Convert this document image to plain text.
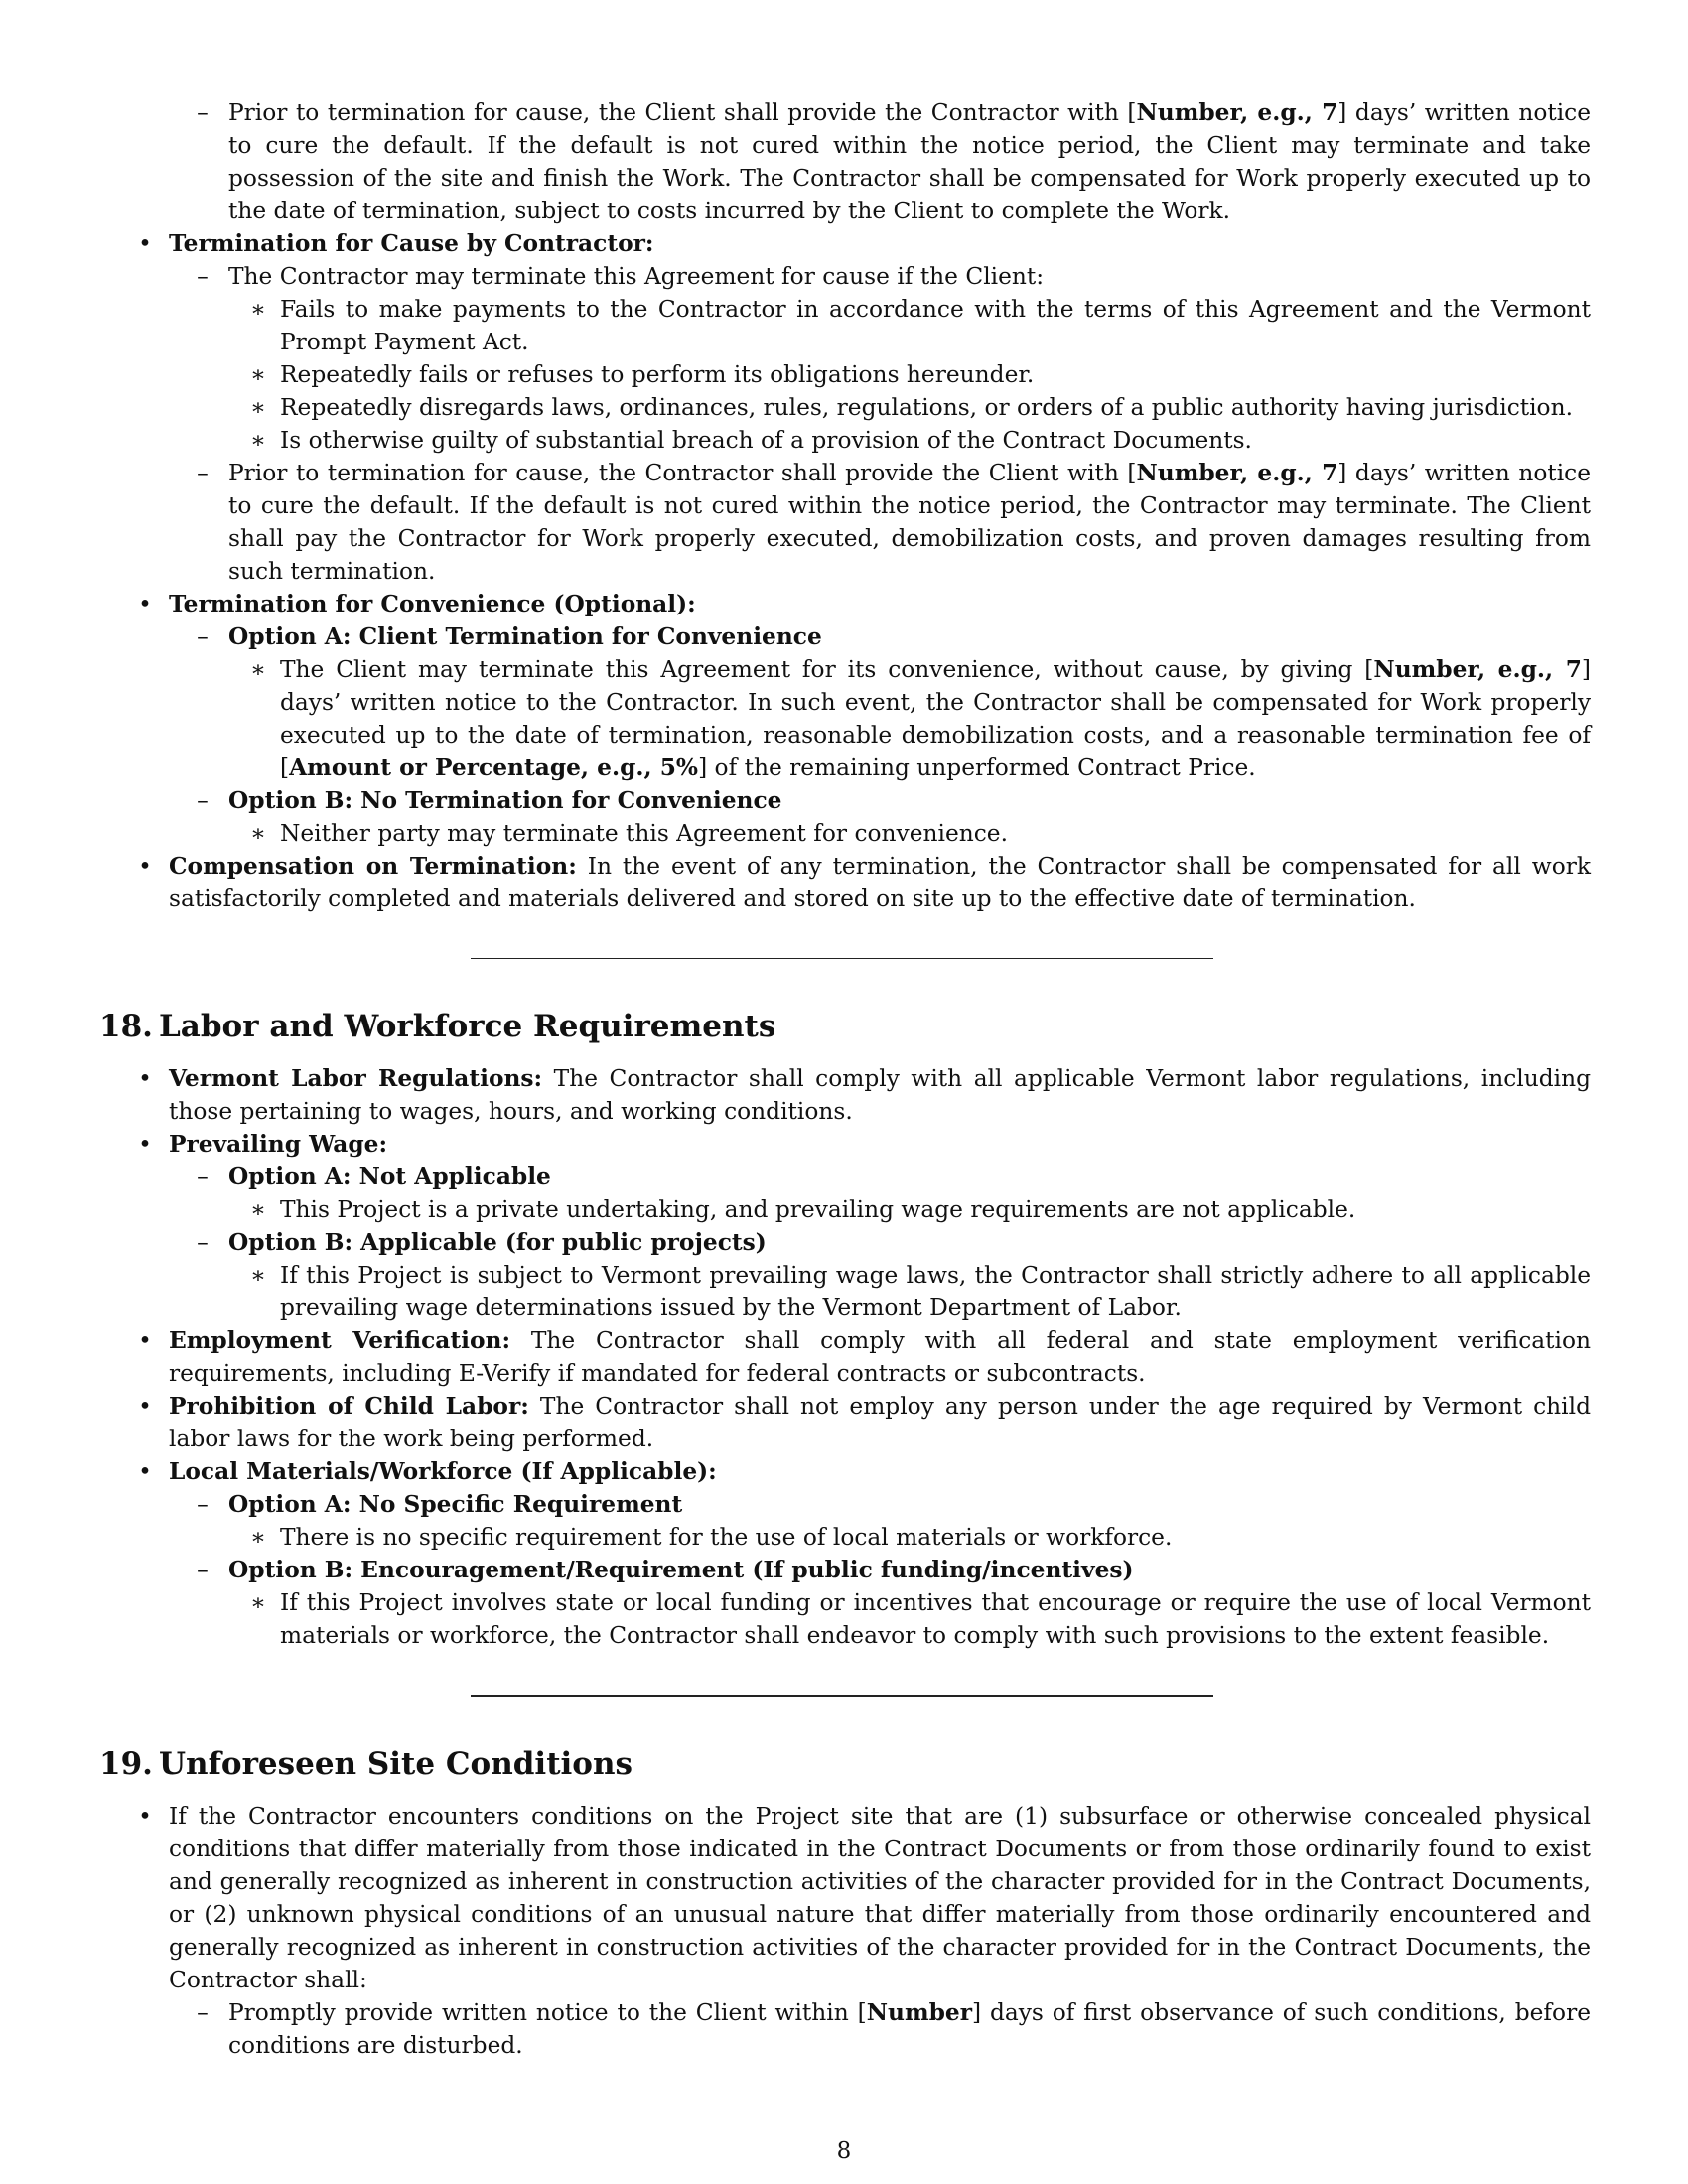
– Prior to termination for cause, the Client shall provide the Contractor with [Number, e.g., 7] days’ written notice to cure the default. If the default is not cured within the notice period, the Client may terminate and take possession of the site and finish the Work. The Contractor shall be compensated for Work properly executed up to the date of termination, subject to costs incurred by the Client to complete the Work.

• Termination for Cause by Contractor:

– The Contractor may terminate this Agreement for cause if the Client:

∗ Fails to make payments to the Contractor in accordance with the terms of this Agreement and the Vermont Prompt Payment Act.

∗ Repeatedly fails or refuses to perform its obligations hereunder.

∗ Repeatedly disregards laws, ordinances, rules, regulations, or orders of a public authority having jurisdiction.

∗ Is otherwise guilty of substantial breach of a provision of the Contract Documents.

– Prior to termination for cause, the Contractor shall provide the Client with [Number, e.g., 7] days’ written notice to cure the default. If the default is not cured within the notice period, the Contractor may terminate. The Client shall pay the Contractor for Work properly executed, demobilization costs, and proven damages resulting from such termination.

• Termination for Convenience (Optional):

– Option A: Client Termination for Convenience

∗ The Client may terminate this Agreement for its convenience, without cause, by giving [Number, e.g., 7] days’ written notice to the Contractor. In such event, the Contractor shall be compensated for Work properly executed up to the date of termination, reasonable demobilization costs, and a reasonable termination fee of [Amount or Percentage, e.g., 5%] of the remaining unperformed Contract Price.

– Option B: No Termination for Convenience

∗ Neither party may terminate this Agreement for convenience.

• Compensation on Termination: In the event of any termination, the Contractor shall be compensated for all work satisfactorily completed and materials delivered and stored on site up to the effective date of termination.

18. Labor and Workforce Requirements

• Vermont Labor Regulations: The Contractor shall comply with all applicable Vermont labor regulations, including those pertaining to wages, hours, and working conditions.

• Prevailing Wage:

– Option A: Not Applicable

∗ This Project is a private undertaking, and prevailing wage requirements are not applicable.

– Option B: Applicable (for public projects)

∗ If this Project is subject to Vermont prevailing wage laws, the Contractor shall strictly adhere to all applicable prevailing wage determinations issued by the Vermont Department of Labor.

• Employment Verification: The Contractor shall comply with all federal and state employment verification requirements, including E-Verify if mandated for federal contracts or subcontracts.

• Prohibition of Child Labor: The Contractor shall not employ any person under the age required by Vermont child labor laws for the work being performed.

• Local Materials/Workforce (If Applicable):

– Option A: No Specific Requirement

∗ There is no specific requirement for the use of local materials or workforce.

– Option B: Encouragement/Requirement (If public funding/incentives)

∗ If this Project involves state or local funding or incentives that encourage or require the use of local Vermont materials or workforce, the Contractor shall endeavor to comply with such provisions to the extent feasible.

19. Unforeseen Site Conditions

• If the Contractor encounters conditions on the Project site that are (1) subsurface or otherwise concealed physical conditions that differ materially from those indicated in the Contract Documents or from those ordinarily found to exist and generally recognized as inherent in construction activities of the character provided for in the Contract Documents, or (2) unknown physical conditions of an unusual nature that differ materially from those ordinarily encountered and generally recognized as inherent in construction activities of the character provided for in the Contract Documents, the Contractor shall:

– Promptly provide written notice to the Client within [Number] days of first observance of such conditions, before conditions are disturbed.

8
